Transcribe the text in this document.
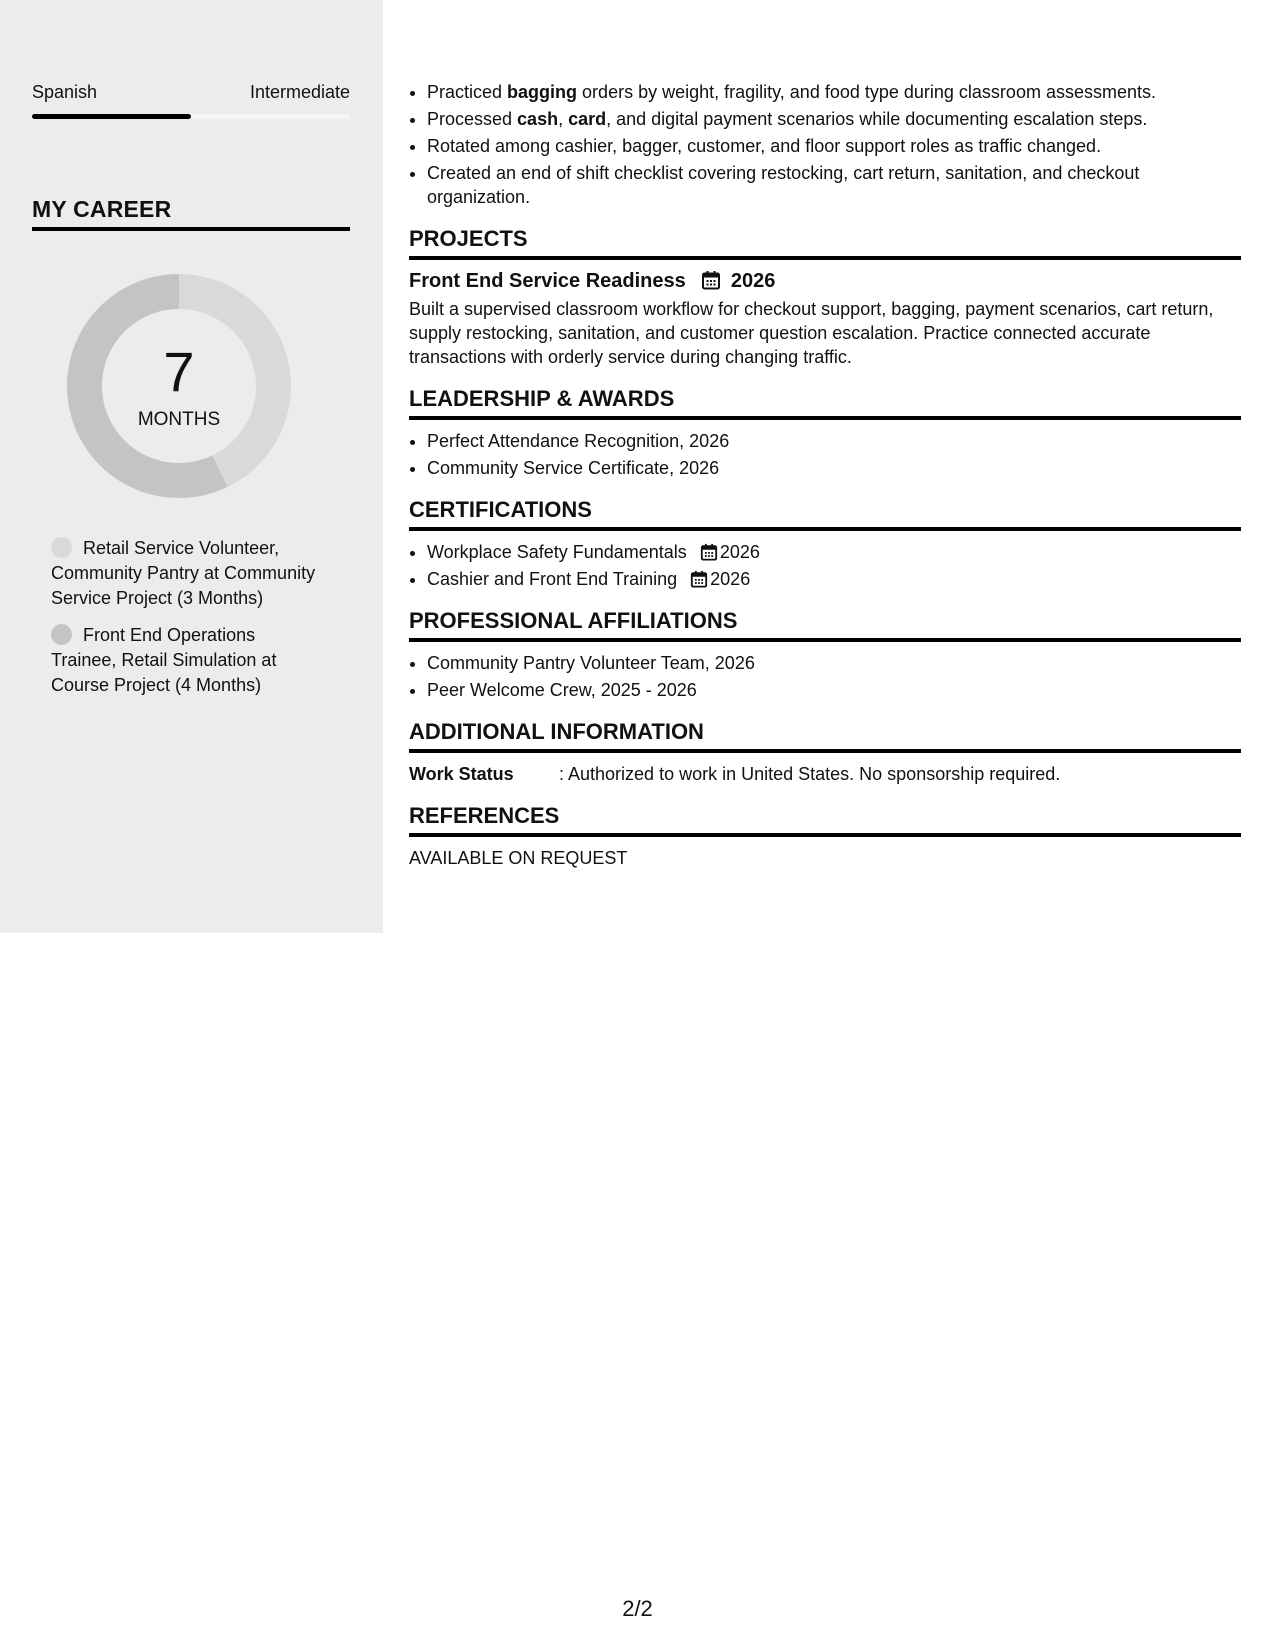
Spanish	Intermediate
MY CAREER
7
MONTHS
Retail Service Volunteer, Community Pantry at Community Service Project (3 Months)
Front End Operations Trainee, Retail Simulation at Course Project (4 Months)
• Practiced bagging orders by weight, fragility, and food type during classroom assessments.
• Processed cash, card, and digital payment scenarios while documenting escalation steps.
• Rotated among cashier, bagger, customer, and floor support roles as traffic changed.
• Created an end of shift checklist covering restocking, cart return, sanitation, and checkout organization.
PROJECTS
Front End Service Readiness 2026
Built a supervised classroom workflow for checkout support, bagging, payment scenarios, cart return, supply restocking, sanitation, and customer question escalation. Practice connected accurate transactions with orderly service during changing traffic.
LEADERSHIP & AWARDS
• Perfect Attendance Recognition, 2026
• Community Service Certificate, 2026
CERTIFICATIONS
• Workplace Safety Fundamentals 2026
• Cashier and Front End Training 2026
PROFESSIONAL AFFILIATIONS
• Community Pantry Volunteer Team, 2026
• Peer Welcome Crew, 2025 - 2026
ADDITIONAL INFORMATION
Work Status	: Authorized to work in United States. No sponsorship required.
REFERENCES
AVAILABLE ON REQUEST
2/2
